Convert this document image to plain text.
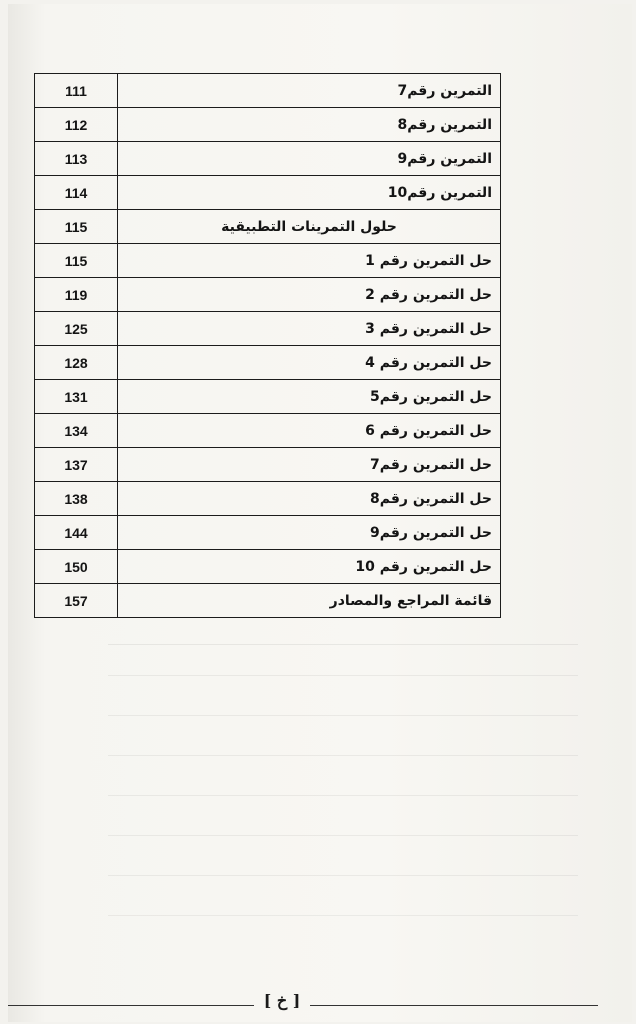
111	التمرين رقم7
112	التمرين رقم8
113	التمرين رقم9
114	التمرين رقم10
115	حلول التمرينات التطبيقية
115	حل التمرين رقم 1
119	حل التمرين رقم 2
125	حل التمرين رقم 3
128	حل التمرين رقم 4
131	حل التمرين رقم5
134	حل التمرين رقم 6
137	حل التمرين رقم7
138	حل التمرين رقم8
144	حل التمرين رقم9
150	حل التمرين رقم 10
157	قائمة المراجع والمصادر
[ خ ]
